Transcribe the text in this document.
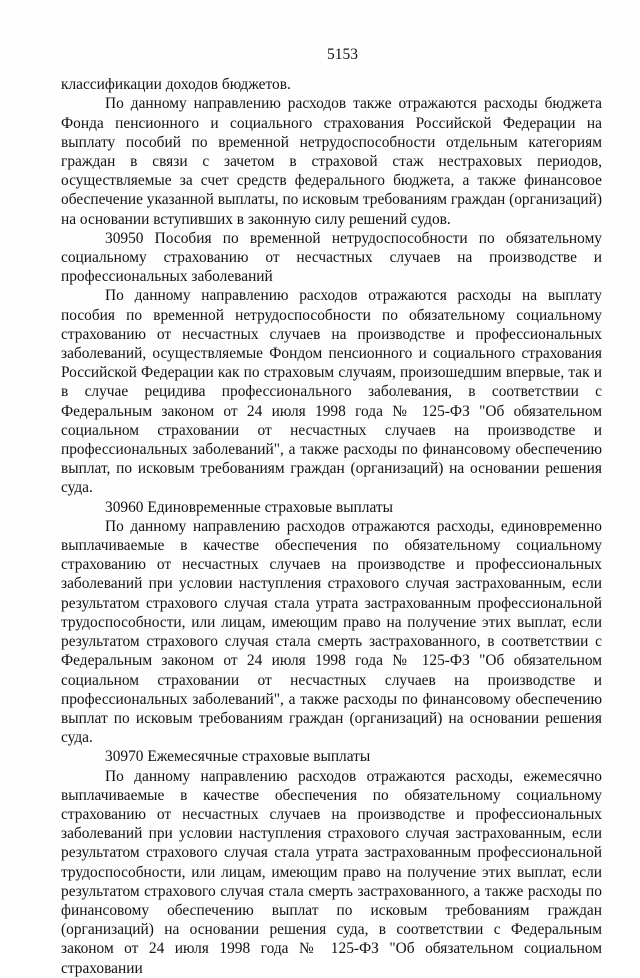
5153

классификации доходов бюджетов.

По данному направлению расходов также отражаются расходы бюджета Фонда пенсионного и социального страхования Российской Федерации на выплату пособий по временной нетрудоспособности отдельным категориям граждан в связи с зачетом в страховой стаж нестраховых периодов, осуществляемые за счет средств федерального бюджета, а также финансовое обеспечение указанной выплаты, по исковым требованиям граждан (организаций) на основании вступивших в законную силу решений судов.

30950 Пособия по временной нетрудоспособности по обязательному социальному страхованию от несчастных случаев на производстве и профессиональных заболеваний

По данному направлению расходов отражаются расходы на выплату пособия по временной нетрудоспособности по обязательному социальному страхованию от несчастных случаев на производстве и профессиональных заболеваний, осуществляемые Фондом пенсионного и социального страхования Российской Федерации как по страховым случаям, произошедшим впервые, так и в случае рецидива профессионального заболевания, в соответствии с Федеральным законом от 24 июля 1998 года № 125-ФЗ "Об обязательном социальном страховании от несчастных случаев на производстве и профессиональных заболеваний", а также расходы по финансовому обеспечению выплат, по исковым требованиям граждан (организаций) на основании решения суда.

30960 Единовременные страховые выплаты

По данному направлению расходов отражаются расходы, единовременно выплачиваемые в качестве обеспечения по обязательному социальному страхованию от несчастных случаев на производстве и профессиональных заболеваний при условии наступления страхового случая застрахованным, если результатом страхового случая стала утрата застрахованным профессиональной трудоспособности, или лицам, имеющим право на получение этих выплат, если результатом страхового случая стала смерть застрахованного, в соответствии с Федеральным законом от 24 июля 1998 года № 125-ФЗ "Об обязательном социальном страховании от несчастных случаев на производстве и профессиональных заболеваний", а также расходы по финансовому обеспечению выплат по исковым требованиям граждан (организаций) на основании решения суда.

30970 Ежемесячные страховые выплаты

По данному направлению расходов отражаются расходы, ежемесячно выплачиваемые в качестве обеспечения по обязательному социальному страхованию от несчастных случаев на производстве и профессиональных заболеваний при условии наступления страхового случая застрахованным, если результатом страхового случая стала утрата застрахованным профессиональной трудоспособности, или лицам, имеющим право на получение этих выплат, если результатом страхового случая стала смерть застрахованного, а также расходы по финансовому обеспечению выплат по исковым требованиям граждан (организаций) на основании решения суда, в соответствии с Федеральным законом от 24 июля 1998 года № 125-ФЗ "Об обязательном социальном страховании
